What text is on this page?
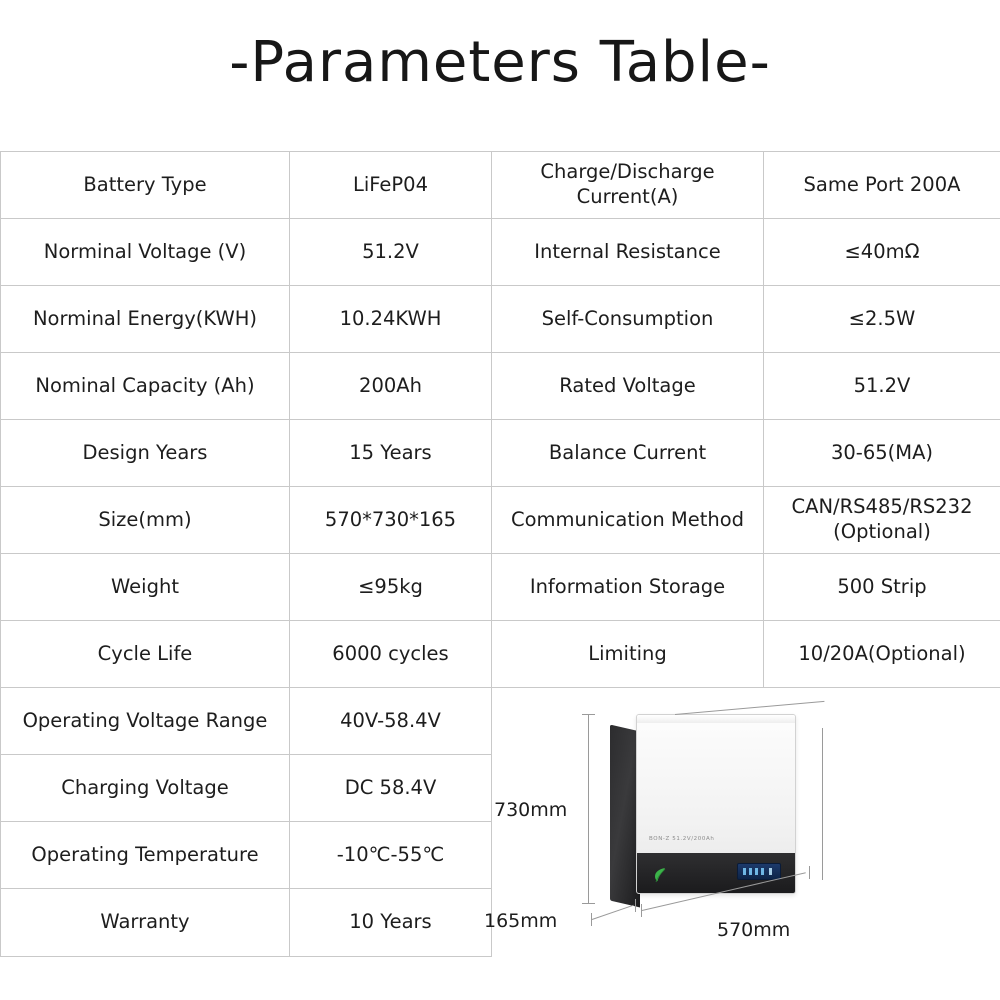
-Parameters Table-
Battery Type	LiFeP04	Charge/Discharge Current(A)	Same Port 200A
Norminal Voltage (V)	51.2V	Internal Resistance	≤40mΩ
Norminal Energy(KWH)	10.24KWH	Self-Consumption	≤2.5W
Nominal Capacity (Ah)	200Ah	Rated Voltage	51.2V
Design Years	15 Years	Balance Current	30-65(MA)
Size(mm)	570*730*165	Communication Method	CAN/RS485/RS232 (Optional)
Weight	≤95kg	Information Storage	500 Strip
Cycle Life	6000 cycles	Limiting	10/20A(Optional)
Operating Voltage Range	40V-58.4V	BON-Z 51.2V/200Ah
730mm
165mm 570mm	

Charging Voltage	DC 58.4V		
Operating Temperature	-10℃-55℃		
Warranty	10 Years		
